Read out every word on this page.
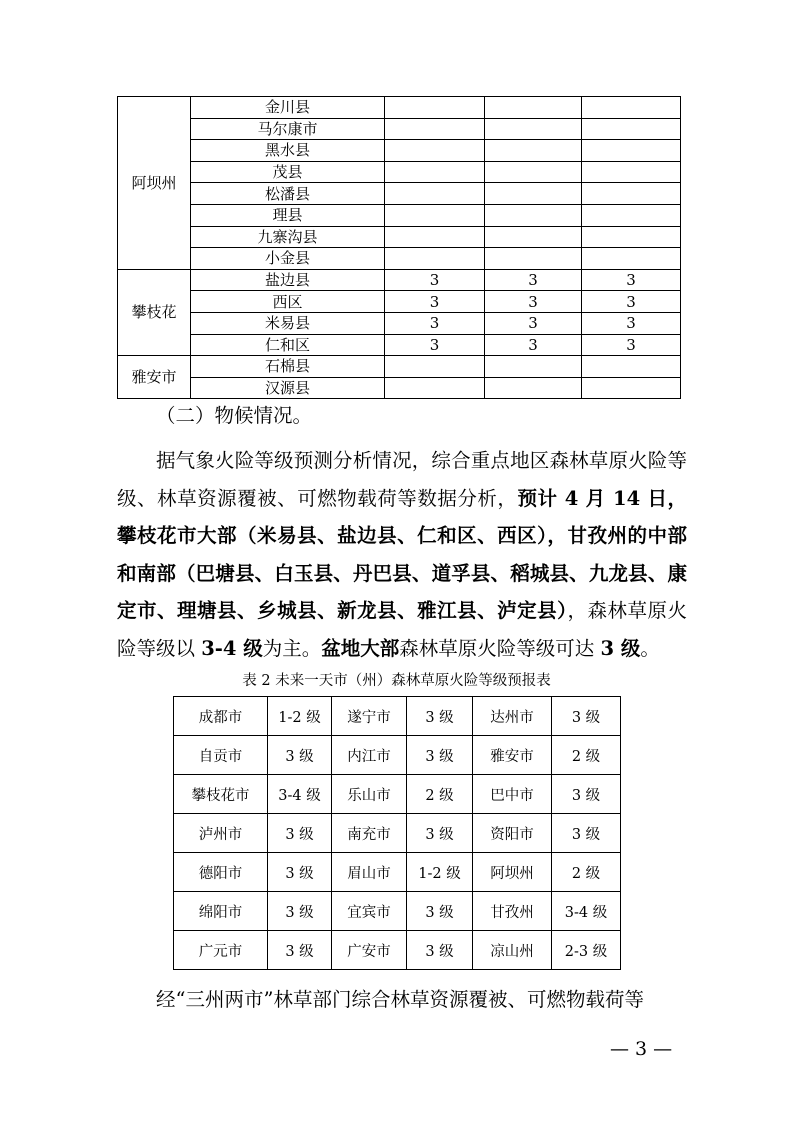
阿坝州	金川县			
	马尔康市			
	黑水县			
	茂县			
	松潘县			
	理县			
	九寨沟县			
	小金县			
攀枝花	盐边县	3	3	3
	西区	3	3	3
	米易县	3	3	3
	仁和区	3	3	3
雅安市	石棉县			
	汉源县			

（二）物候情况。

据气象火险等级预测分析情况，综合重点地区森林草原火险等级、林草资源覆被、可燃物载荷等数据分析，预计 4 月 14 日，攀枝花市大部（米易县、盐边县、仁和区、西区），甘孜州的中部和南部（巴塘县、白玉县、丹巴县、道孚县、稻城县、九龙县、康定市、理塘县、乡城县、新龙县、雅江县、泸定县），森林草原火险等级以 3-4 级为主。盆地大部森林草原火险等级可达 3 级。

表 2 未来一天市（州）森林草原火险等级预报表

成都市	1-2 级	遂宁市	3 级	达州市	3 级
自贡市	3 级	内江市	3 级	雅安市	2 级
攀枝花市	3-4 级	乐山市	2 级	巴中市	3 级
泸州市	3 级	南充市	3 级	资阳市	3 级
德阳市	3 级	眉山市	1-2 级	阿坝州	2 级
绵阳市	3 级	宜宾市	3 级	甘孜州	3-4 级
广元市	3 级	广安市	3 级	凉山州	2-3 级

经“三州两市”林草部门综合林草资源覆被、可燃物载荷等

— 3 —
